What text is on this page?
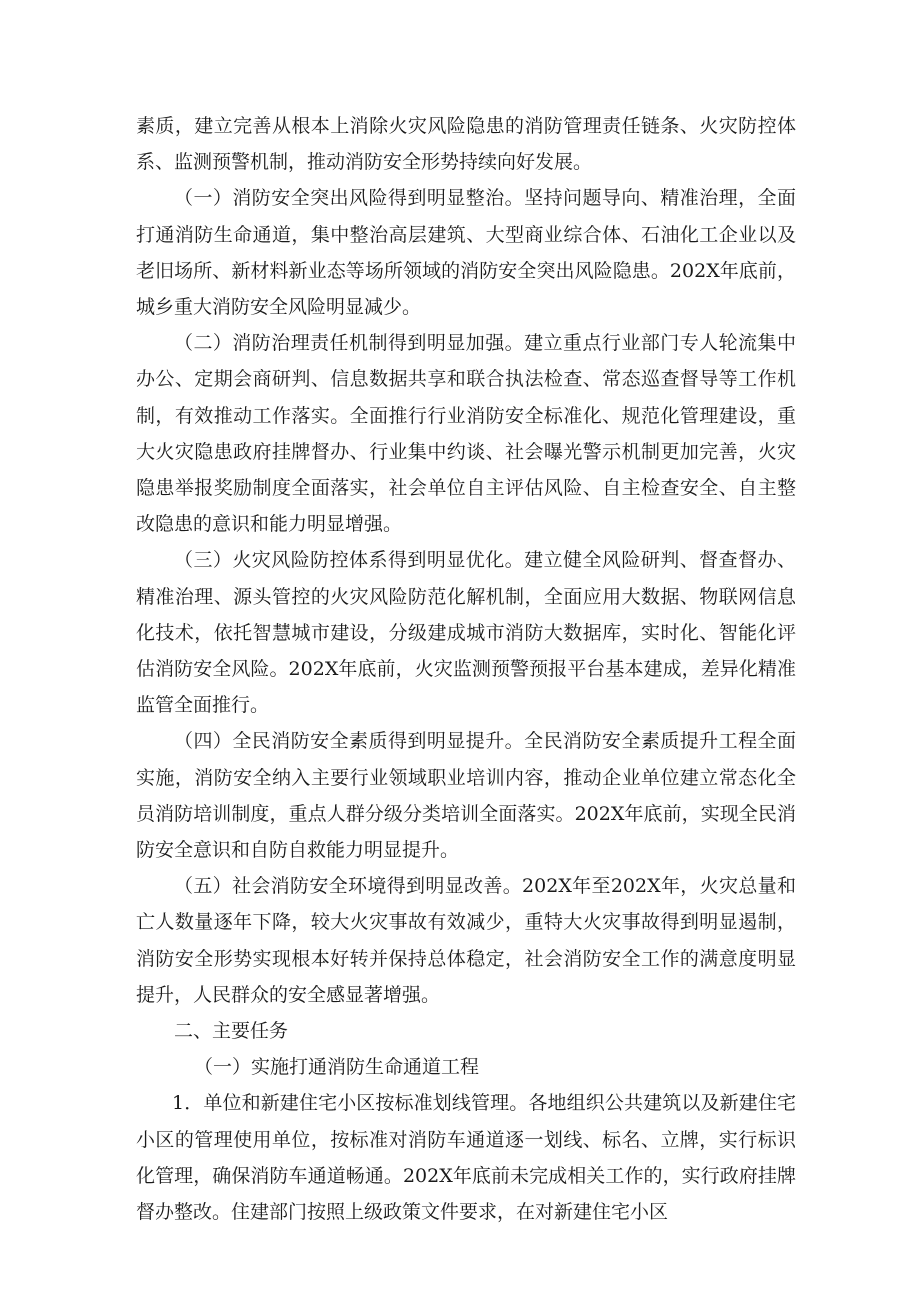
素质，建立完善从根本上消除火灾风险隐患的消防管理责任链条、火灾防控体系、监测预警机制，推动消防安全形势持续向好发展。

（一）消防安全突出风险得到明显整治。坚持问题导向、精准治理，全面打通消防生命通道，集中整治高层建筑、大型商业综合体、石油化工企业以及老旧场所、新材料新业态等场所领域的消防安全突出风险隐患。202X年底前，城乡重大消防安全风险明显减少。

（二）消防治理责任机制得到明显加强。建立重点行业部门专人轮流集中办公、定期会商研判、信息数据共享和联合执法检查、常态巡查督导等工作机制，有效推动工作落实。全面推行行业消防安全标准化、规范化管理建设，重大火灾隐患政府挂牌督办、行业集中约谈、社会曝光警示机制更加完善，火灾隐患举报奖励制度全面落实，社会单位自主评估风险、自主检查安全、自主整改隐患的意识和能力明显增强。

（三）火灾风险防控体系得到明显优化。建立健全风险研判、督查督办、精准治理、源头管控的火灾风险防范化解机制，全面应用大数据、物联网信息化技术，依托智慧城市建设，分级建成城市消防大数据库，实时化、智能化评估消防安全风险。202X年底前，火灾监测预警预报平台基本建成，差异化精准监管全面推行。

（四）全民消防安全素质得到明显提升。全民消防安全素质提升工程全面实施，消防安全纳入主要行业领域职业培训内容，推动企业单位建立常态化全员消防培训制度，重点人群分级分类培训全面落实。202X年底前，实现全民消防安全意识和自防自救能力明显提升。

（五）社会消防安全环境得到明显改善。202X年至202X年，火灾总量和亡人数量逐年下降，较大火灾事故有效减少，重特大火灾事故得到明显遏制，消防安全形势实现根本好转并保持总体稳定，社会消防安全工作的满意度明显提升，人民群众的安全感显著增强。

二、主要任务

（一）实施打通消防生命通道工程

1．单位和新建住宅小区按标准划线管理。各地组织公共建筑以及新建住宅小区的管理使用单位，按标准对消防车通道逐一划线、标名、立牌，实行标识化管理，确保消防车通道畅通。202X年底前未完成相关工作的，实行政府挂牌督办整改。住建部门按照上级政策文件要求，在对新建住宅小区
